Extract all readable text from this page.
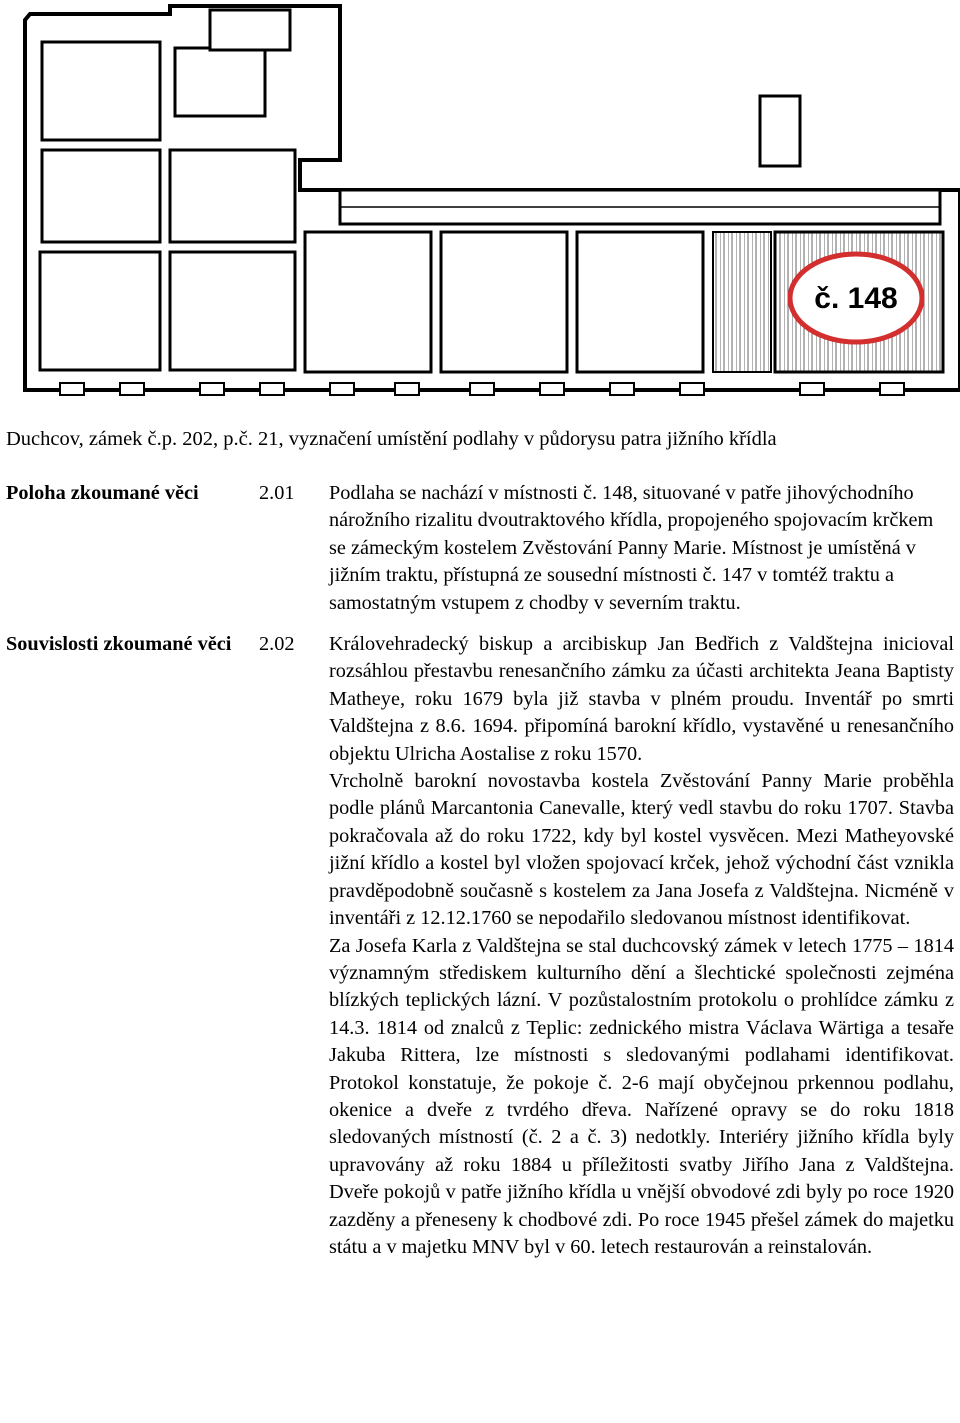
č. 148
Duchcov, zámek č.p. 202, p.č. 21, vyznačení umístění podlahy v půdorysu patra jižního křídla
Poloha zkoumané věci	2.01	Podlaha se nachází v místnosti č. 148, situované v patře jihovýchodního nárožního rizalitu dvoutraktového křídla, propojeného spojovacím krčkem se zámeckým kostelem Zvěstování Panny Marie. Místnost je umístěná v jižním traktu, přístupná ze sousední místnosti č. 147 v tomtéž traktu a samostatným vstupem z chodby v severním traktu.

Souvislosti zkoumané věci	2.02	Královehradecký biskup a arcibiskup Jan Bedřich z Valdštejna inicioval rozsáhlou přestavbu renesančního zámku za účasti architekta Jeana Baptisty Matheye, roku 1679 byla již stavba v plném proudu. Inventář po smrti Valdštejna z 8.6. 1694. připomíná barokní křídlo, vystavěné u renesančního objektu Ulricha Aostalise z roku 1570.

Vrcholně barokní novostavba kostela Zvěstování Panny Marie proběhla podle plánů Marcantonia Canevalle, který vedl stavbu do roku 1707. Stavba pokračovala až do roku 1722, kdy byl kostel vysvěcen. Mezi Matheyovské jižní křídlo a kostel byl vložen spojovací krček, jehož východní část vznikla pravděpodobně současně s kostelem za Jana Josefa z Valdštejna. Nicméně v inventáři z 12.12.1760 se nepodařilo sledovanou místnost identifikovat.

Za Josefa Karla z Valdštejna se stal duchcovský zámek v letech 1775 – 1814 významným střediskem kulturního dění a šlechtické společnosti zejména blízkých teplických lázní. V pozůstalostním protokolu o prohlídce zámku z 14.3. 1814 od znalců z Teplic: zednického mistra Václava Wärtiga a tesaře Jakuba Rittera, lze místnosti s sledovanými podlahami identifikovat. Protokol konstatuje, že pokoje č. 2-6 mají obyčejnou prkennou podlahu, okenice a dveře z tvrdého dřeva. Nařízené opravy se do roku 1818 sledovaných místností (č. 2 a č. 3) nedotkly. Interiéry jižního křídla byly upravovány až roku 1884 u příležitosti svatby Jiřího Jana z Valdštejna. Dveře pokojů v patře jižního křídla u vnější obvodové zdi byly po roce 1920 zazděny a přeneseny k chodbové zdi. Po roce 1945 přešel zámek do majetku státu a v majetku MNV byl v 60. letech restaurován a reinstalován.
